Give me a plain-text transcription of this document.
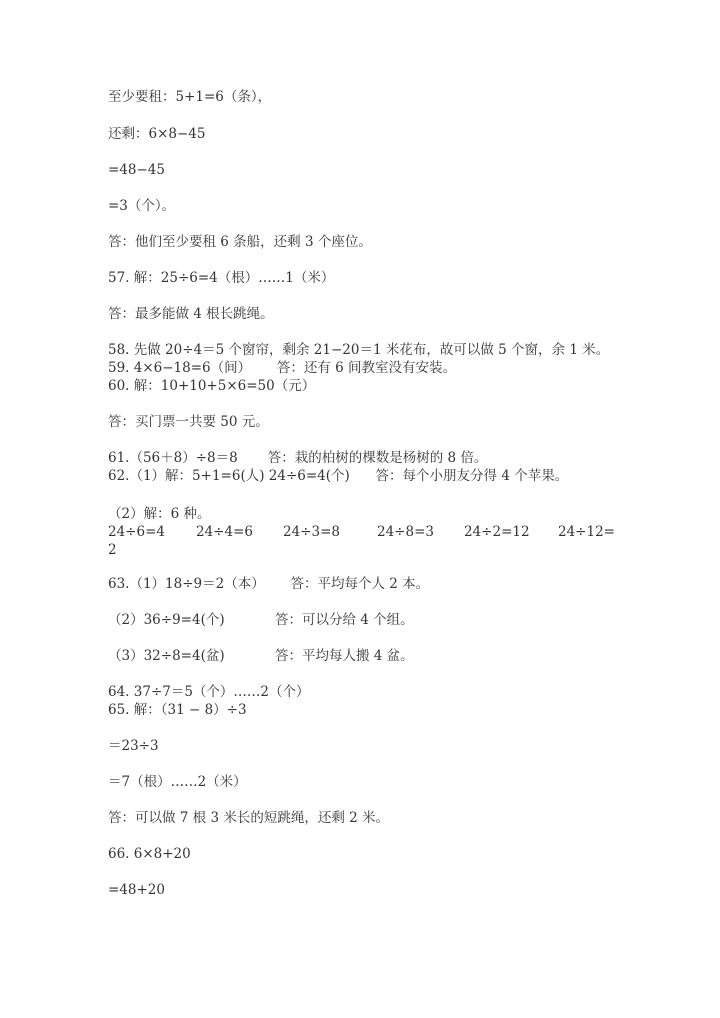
至少要租：5+1=6（条），
还剩：6×8−45
=48−45
=3（个）。
答：他们至少要租 6 条船，还剩 3 个座位。
57. 解：25÷6=4（根）……1（米）
答：最多能做 4 根长跳绳。
58. 先做 20÷4＝5 个窗帘，剩余 21−20＝1 米花布，故可以做 5 个窗，余 1 米。
59. 4×6−18=6（间）      答：还有 6 间教室没有安装。
60. 解：10+10+5×6=50（元）
答：买门票一共要 50 元。
61.（56＋8）÷8＝8       答：栽的柏树的棵数是杨树的 8 倍。
62.（1）解：5+1=6(人) 24÷6=4(个)      答：每个小朋友分得 4 个苹果。
（2）解：6 种。
24÷6=4 24÷4=6 24÷3=8	24÷8=3 24÷2=12 24÷12=
2
63.（1）18÷9＝2（本）      答：平均每个人 2 本。
（2）36÷9=4(个)	答：可以分给 4 个组。
（3）32÷8=4(盆)	答：平均每人搬 4 盆。
64. 37÷7＝5（个）……2（个）
65. 解：（31 − 8）÷3
＝23÷3
＝7（根）……2（米）
答：可以做 7 根 3 米长的短跳绳，还剩 2 米。
66. 6×8+20
=48+20
